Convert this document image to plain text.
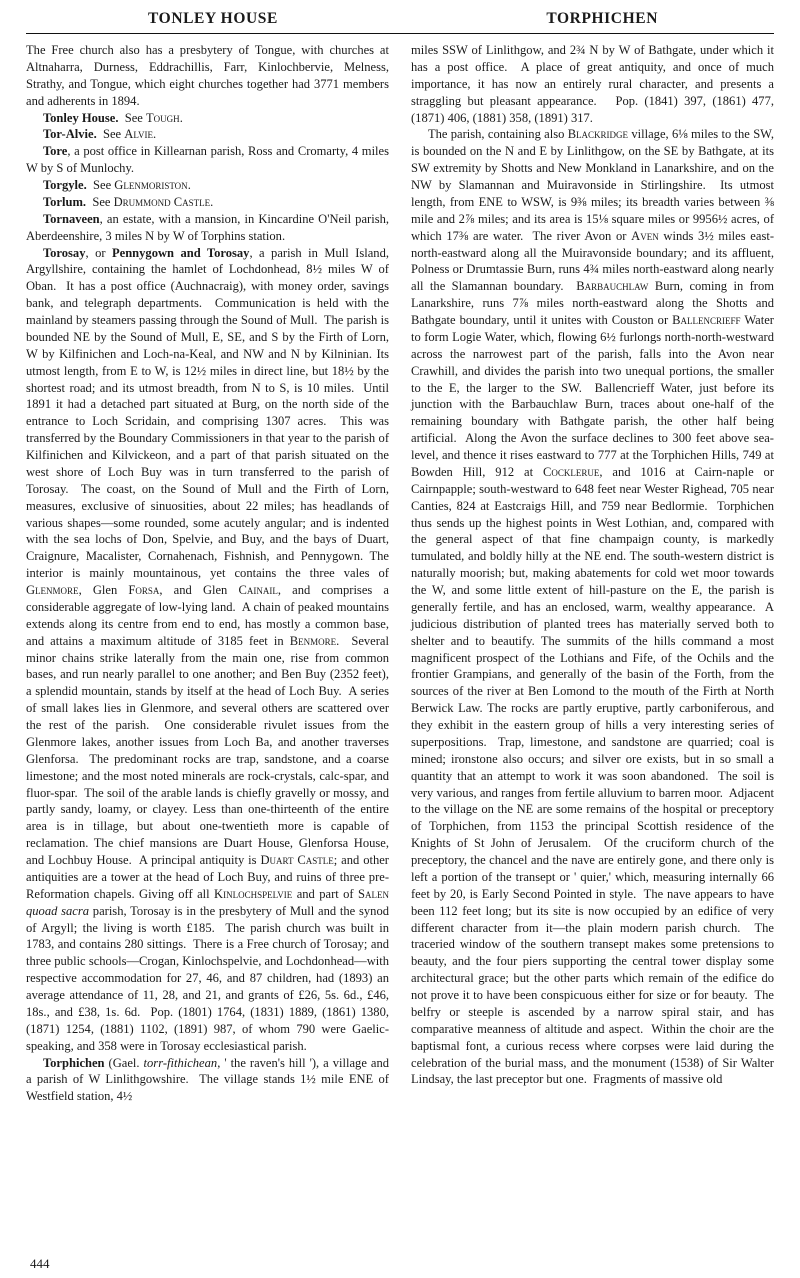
TONLEY HOUSE	TORPHICHEN

The Free church also has a presbytery of Tongue, with churches at Altnaharra, Durness, Eddrachillis, Farr, Kinlochbervie, Melness, Strathy, and Tongue, which eight churches together had 3771 members and adherents in 1894.

Tonley House.  See Tough.

Tor-Alvie.  See Alvie.

Tore, a post office in Killearnan parish, Ross and Cromarty, 4 miles W by S of Munlochy.

Torgyle.  See Glenmoriston.

Torlum.  See Drummond Castle.

Tornaveen, an estate, with a mansion, in Kincardine O'Neil parish, Aberdeenshire, 3 miles N by W of Torphins station.

Torosay, or Pennygown and Torosay, a parish in Mull Island, Argyllshire, containing the hamlet of Lochdonhead, 8½ miles W of Oban.  It has a post office (Auchnacraig), with money order, savings bank, and telegraph departments.  Communication is held with the mainland by steamers passing through the Sound of Mull.  The parish is bounded NE by the Sound of Mull, E, SE, and S by the Firth of Lorn, W by Kilfinichen and Loch-na-Keal, and NW and N by Kilninian. Its utmost length, from E to W, is 12½ miles in direct line, but 18½ by the shortest road; and its utmost breadth, from N to S, is 10 miles.  Until 1891 it had a detached part situated at Burg, on the north side of the entrance to Loch Scridain, and comprising 1307 acres.  This was transferred by the Boundary Commissioners in that year to the parish of Kilfinichen and Kilvickeon, and a part of that parish situated on the west shore of Loch Buy was in turn transferred to the parish of Torosay.  The coast, on the Sound of Mull and the Firth of Lorn, measures, exclusive of sinuosities, about 22 miles; has headlands of various shapes—some rounded, some acutely angular; and is indented with the sea lochs of Don, Spelvie, and Buy, and the bays of Duart, Craignure, Macalister, Cornahenach, Fishnish, and Pennygown. The interior is mainly mountainous, yet contains the three vales of Glenmore, Glen Forsa, and Glen Cainail, and comprises a considerable aggregate of low-lying land.  A chain of peaked mountains extends along its centre from end to end, has mostly a common base, and attains a maximum altitude of 3185 feet in Benmore.  Several minor chains strike laterally from the main one, rise from common bases, and run nearly parallel to one another; and Ben Buy (2352 feet), a splendid mountain, stands by itself at the head of Loch Buy.  A series of small lakes lies in Glenmore, and several others are scattered over the rest of the parish.  One considerable rivulet issues from the Glenmore lakes, another issues from Loch Ba, and another traverses Glenforsa.  The predominant rocks are trap, sandstone, and a coarse limestone; and the most noted minerals are rock-crystals, calc-spar, and fluor-spar.  The soil of the arable lands is chiefly gravelly or mossy, and partly sandy, loamy, or clayey. Less than one-thirteenth of the entire area is in tillage, but about one-twentieth more is capable of reclamation. The chief mansions are Duart House, Glenforsa House, and Lochbuy House.  A principal antiquity is Duart Castle; and other antiquities are a tower at the head of Loch Buy, and ruins of three pre-Reformation chapels. Giving off all Kinlochspelvie and part of Salen quoad sacra parish, Torosay is in the presbytery of Mull and the synod of Argyll; the living is worth £185.  The parish church was built in 1783, and contains 280 sittings.  There is a Free church of Torosay; and three public schools—Crogan, Kinlochspelvie, and Lochdonhead—with respective accommodation for 27, 46, and 87 children, had (1893) an average attendance of 11, 28, and 21, and grants of £26, 5s. 6d., £46, 18s., and £38, 1s. 6d.  Pop. (1801) 1764, (1831) 1889, (1861) 1380, (1871) 1254, (1881) 1102, (1891) 987, of whom 790 were Gaelic-speaking, and 358 were in Torosay ecclesiastical parish.

Torphichen (Gael. torr-fithichean, ' the raven's hill '), a village and a parish of W Linlithgowshire.  The village stands 1½ mile ENE of Westfield station, 4½

miles SSW of Linlithgow, and 2¾ N by W of Bathgate, under which it has a post office.  A place of great antiquity, and once of much importance, it has now an entirely rural character, and presents a straggling but pleasant appearance.   Pop. (1841) 397, (1861) 477, (1871) 406, (1881) 358, (1891) 317.

The parish, containing also Blackridge village, 6⅛ miles to the SW, is bounded on the N and E by Linlithgow, on the SE by Bathgate, at its SW extremity by Shotts and New Monkland in Lanarkshire, and on the NW by Slamannan and Muiravonside in Stirlingshire.  Its utmost length, from ENE to WSW, is 9⅜ miles; its breadth varies between ⅜ mile and 2⅞ miles; and its area is 15⅛ square miles or 9956½ acres, of which 17⅜ are water.  The river Avon or Aven winds 3½ miles east-north-eastward along all the Muiravonside boundary; and its affluent, Polness or Drumtassie Burn, runs 4¾ miles north-eastward along nearly all the Slamannan boundary.  Barbauchlaw Burn, coming in from Lanarkshire, runs 7⅞ miles north-eastward along the Shotts and Bathgate boundary, until it unites with Couston or Ballencrieff Water to form Logie Water, which, flowing 6½ furlongs north-north-westward across the narrowest part of the parish, falls into the Avon near Crawhill, and divides the parish into two unequal portions, the smaller to the E, the larger to the SW.  Ballencrieff Water, just before its junction with the Barbauchlaw Burn, traces about one-half of the remaining boundary with Bathgate parish, the other half being artificial.  Along the Avon the surface declines to 300 feet above sea-level, and thence it rises eastward to 777 at the Torphichen Hills, 749 at Bowden Hill, 912 at Cocklerue, and 1016 at Cairn-naple or Cairnpapple; south-westward to 648 feet near Wester Righead, 705 near Canties, 824 at Eastcraigs Hill, and 759 near Bedlormie.  Torphichen thus sends up the highest points in West Lothian, and, compared with the general aspect of that fine champaign county, is markedly tumulated, and boldly hilly at the NE end. The south-western district is naturally moorish; but, making abatements for cold wet moor towards the W, and some little extent of hill-pasture on the E, the parish is generally fertile, and has an enclosed, warm, wealthy appearance.  A judicious distribution of planted trees has materially served both to shelter and to beautify. The summits of the hills command a most magnificent prospect of the Lothians and Fife, of the Ochils and the frontier Grampians, and generally of the basin of the Forth, from the sources of the river at Ben Lomond to the mouth of the Firth at North Berwick Law. The rocks are partly eruptive, partly carboniferous, and they exhibit in the eastern group of hills a very interesting series of superpositions.  Trap, limestone, and sandstone are quarried; coal is mined; ironstone also occurs; and silver ore exists, but in so small a quantity that an attempt to work it was soon abandoned.  The soil is very various, and ranges from fertile alluvium to barren moor.  Adjacent to the village on the NE are some remains of the hospital or preceptory of Torphichen, from 1153 the principal Scottish residence of the Knights of St John of Jerusalem.  Of the cruciform church of the preceptory, the chancel and the nave are entirely gone, and there only is left a portion of the transept or ' quier,' which, measuring internally 66 feet by 20, is Early Second Pointed in style.  The nave appears to have been 112 feet long; but its site is now occupied by an edifice of very different character from it—the plain modern parish church.  The traceried window of the southern transept makes some pretensions to beauty, and the four piers supporting the central tower display some architectural grace; but the other parts which remain of the edifice do not prove it to have been conspicuous either for size or for beauty.  The belfry or steeple is ascended by a narrow spiral stair, and has comparative meanness of altitude and aspect.  Within the choir are the baptismal font, a curious recess where corpses were laid during the celebration of the burial mass, and the monument (1538) of Sir Walter Lindsay, the last preceptor but one.  Fragments of massive old

444
